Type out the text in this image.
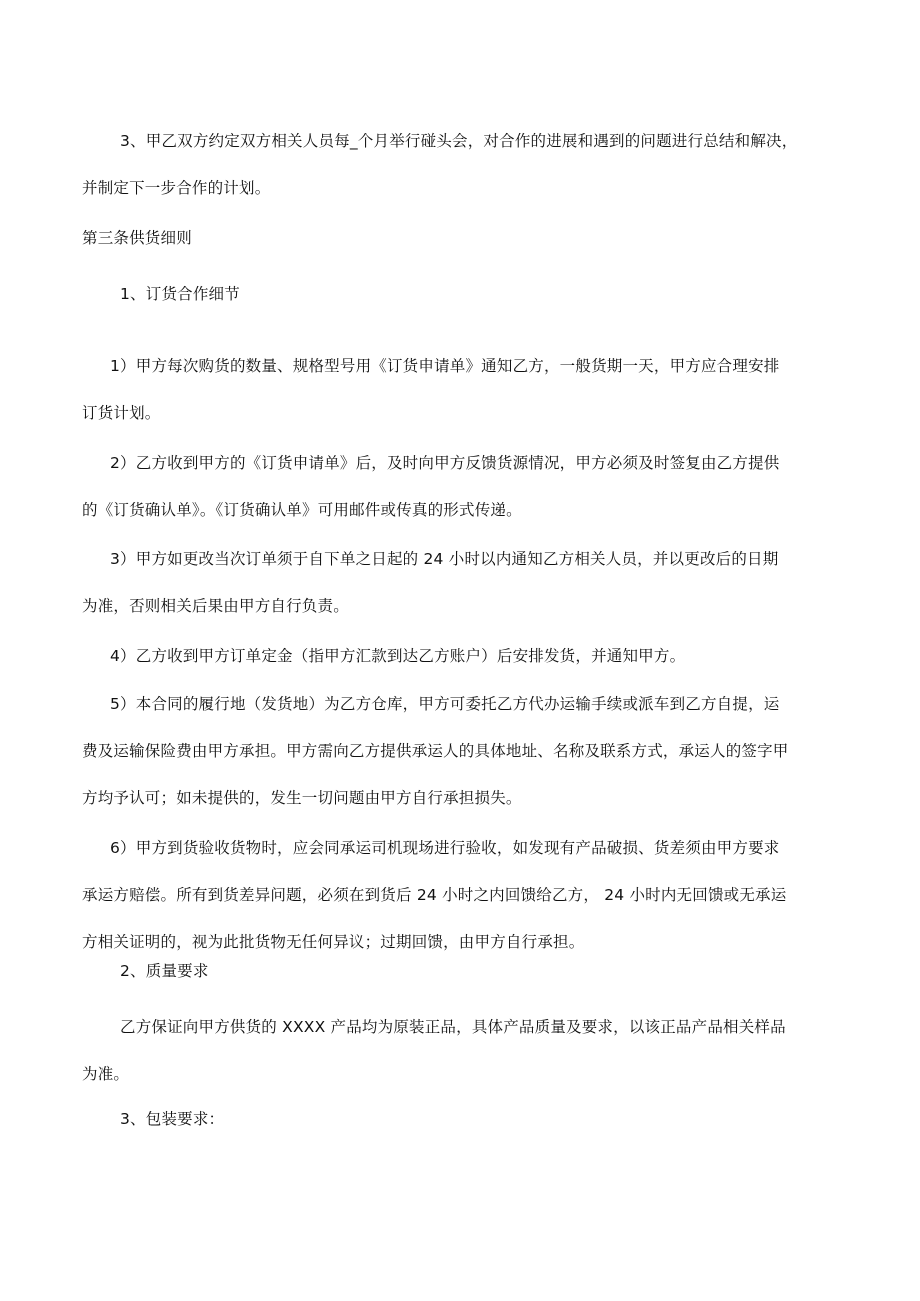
3、甲乙双方约定双方相关人员每_个月举行碰头会，对合作的进展和遇到的问题进行总结和解决，
并制定下一步合作的计划。
第三条供货细则
1、订货合作细节
1）甲方每次购货的数量、规格型号用《订货申请单》通知乙方，一般货期一天，甲方应合理安排
订货计划。
2）乙方收到甲方的《订货申请单》后，及时向甲方反馈货源情况，甲方必须及时签复由乙方提供
的《订货确认单》。《订货确认单》可用邮件或传真的形式传递。
3）甲方如更改当次订单须于自下单之日起的 24 小时以内通知乙方相关人员，并以更改后的日期
为准，否则相关后果由甲方自行负责。
4）乙方收到甲方订单定金（指甲方汇款到达乙方账户）后安排发货，并通知甲方。
5）本合同的履行地（发货地）为乙方仓库，甲方可委托乙方代办运输手续或派车到乙方自提，运
费及运输保险费由甲方承担。甲方需向乙方提供承运人的具体地址、名称及联系方式，承运人的签字甲
方均予认可；如未提供的，发生一切问题由甲方自行承担损失。
6）甲方到货验收货物时，应会同承运司机现场进行验收，如发现有产品破损、货差须由甲方要求
承运方赔偿。所有到货差异问题，必须在到货后 24 小时之内回馈给乙方， 24 小时内无回馈或无承运
方相关证明的，视为此批货物无任何异议；过期回馈，由甲方自行承担。
2、质量要求
乙方保证向甲方供货的 XXXX 产品均为原装正品，具体产品质量及要求，以该正品产品相关样品
为准。
3、包装要求：
